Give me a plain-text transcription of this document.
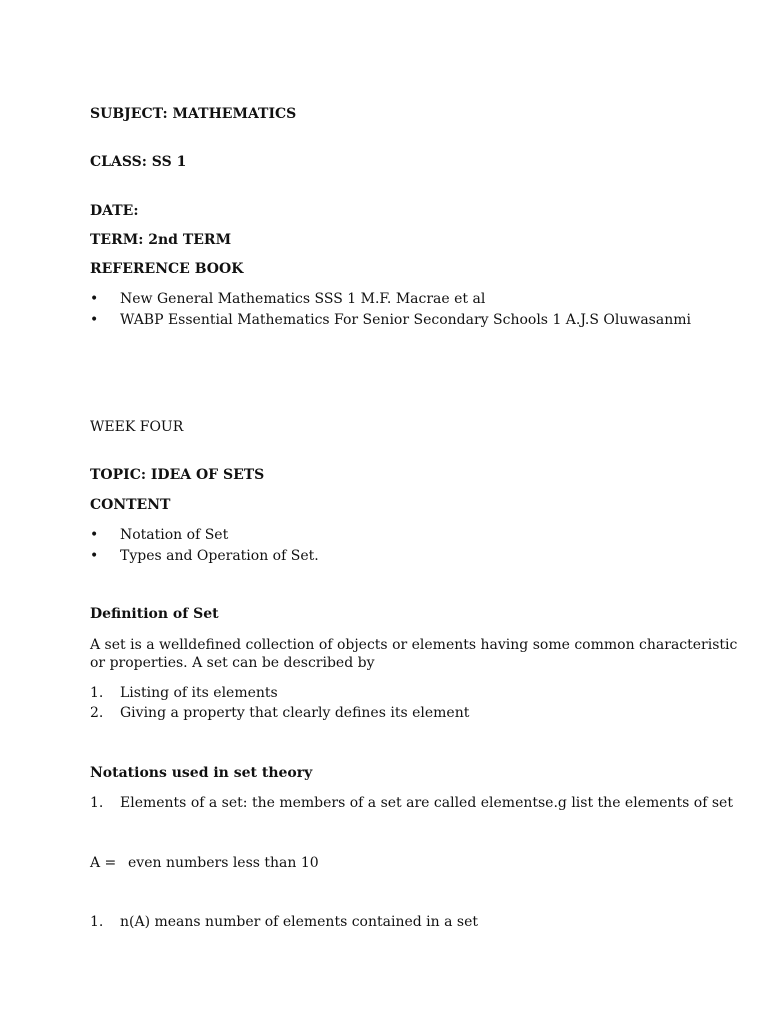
SUBJECT: MATHEMATICS
CLASS: SS 1
DATE:
TERM: 2nd TERM
REFERENCE BOOK
• New General Mathematics SSS 1 M.F. Macrae et al
• WABP Essential Mathematics For Senior Secondary Schools 1 A.J.S Oluwasanmi
WEEK FOUR
TOPIC: IDEA OF SETS
CONTENT
• Notation of Set
• Types and Operation of Set.
Definition of Set
A set is a welldefined collection of objects or elements having some common characteristic
or properties. A set can be described by
1. Listing of its elements
2. Giving a property that clearly defines its element
Notations used in set theory
1. Elements of a set: the members of a set are called elementse.g list the elements of set
A = even numbers less than 10
1. n(A) means number of elements contained in a set
